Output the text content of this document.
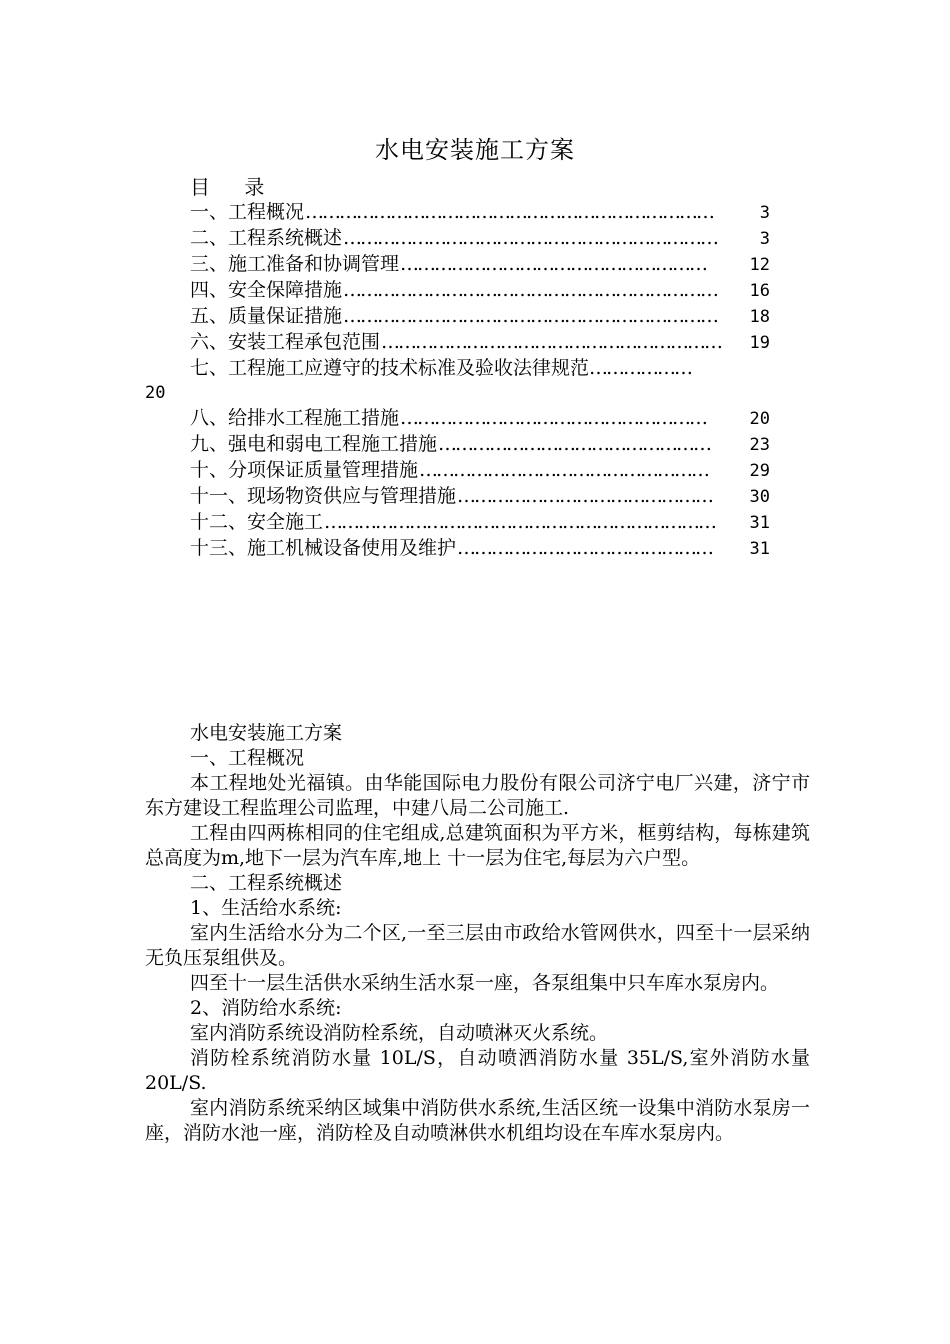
水电安装施工方案
目 录
一、工程概况 ………………………………………………………………	3
二、工程系统概述 …………………………………………………………	3
三、施工准备和协调管理 ………………………………………………	12
四、安全保障措施 …………………………………………………………	16
五、质量保证措施 …………………………………………………………	18
六、安装工程承包范围 ……………………………………………………	19
七、工程施工应遵守的技术标准及验收法律规范………………
20
八、给排水工程施工措施 ………………………………………………	20
九、强电和弱电工程施工措施 …………………………………………	23
十、分项保证质量管理措施 ……………………………………………	29
十一、现场物资供应与管理措施 ………………………………………	30
十二、安全施工 ……………………………………………………………	31
十三、施工机械设备使用及维护 ………………………………………	31

水电安装施工方案

一、工程概况

本工程地处光福镇。由华能国际电力股份有限公司济宁电厂兴建，济宁市东方建设工程监理公司监理，中建八局二公司施工.

工程由四两栋相同的住宅组成,总建筑面积为平方米，框剪结构，每栋建筑总高度为m,地下一层为汽车库,地上 十一层为住宅,每层为六户型。

二、工程系统概述

1、生活给水系统:

室内生活给水分为二个区,一至三层由市政给水管网供水，四至十一层采纳无负压泵组供及。

四至十一层生活供水采纳生活水泵一座，各泵组集中只车库水泵房内。

2、消防给水系统:

室内消防系统设消防栓系统，自动喷淋灭火系统。

消防栓系统消防水量 10L/S，自动喷洒消防水量 35L/S,室外消防水量 20L/S.

室内消防系统采纳区域集中消防供水系统,生活区统一设集中消防水泵房一座，消防水池一座，消防栓及自动喷淋供水机组均设在车库水泵房内。
